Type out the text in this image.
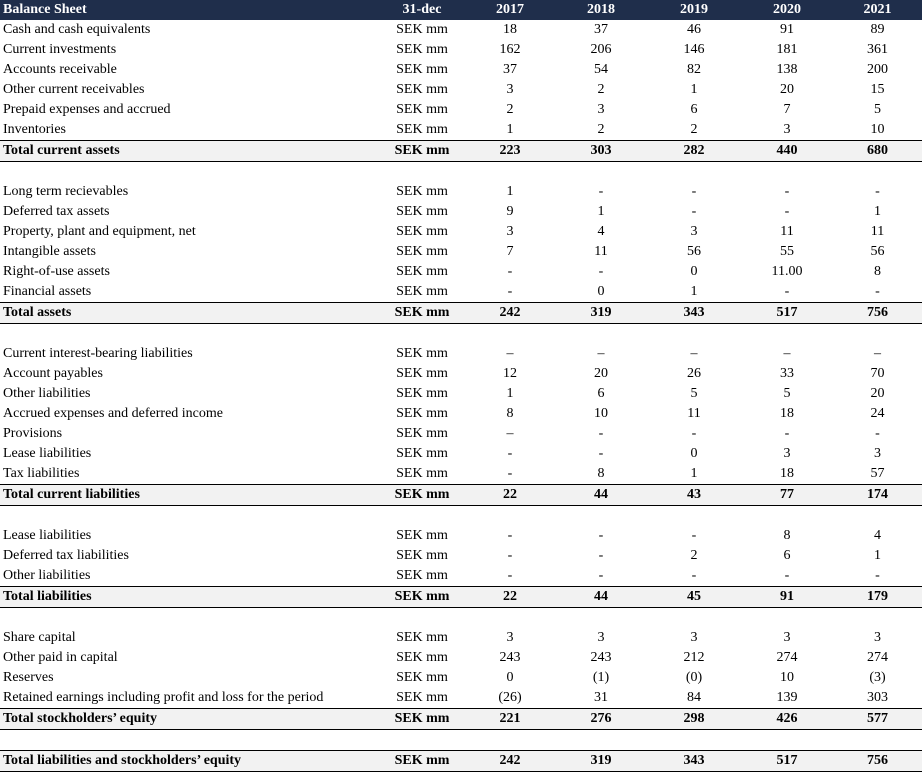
Balance Sheet	31-dec	2017	2018	2019	2020	2021
Cash and cash equivalents	SEK mm	18	37	46	91	89
Current investments	SEK mm	162	206	146	181	361
Accounts receivable	SEK mm	37	54	82	138	200
Other current receivables	SEK mm	3	2	1	20	15
Prepaid expenses and accrued	SEK mm	2	3	6	7	5
Inventories	SEK mm	1	2	2	3	10
Total current assets	SEK mm	223	303	282	440	680

Long term recievables	SEK mm	1	-	-	-	-
Deferred tax assets	SEK mm	9	1	-	-	1
Property, plant and equipment, net	SEK mm	3	4	3	11	11
Intangible assets	SEK mm	7	11	56	55	56
Right-of-use assets	SEK mm	-	-	0	11.00	8
Financial assets	SEK mm	-	0	1	-	-
Total assets	SEK mm	242	319	343	517	756

Current interest-bearing liabilities	SEK mm	–	–	–	–	–
Account payables	SEK mm	12	20	26	33	70
Other liabilities	SEK mm	1	6	5	5	20
Accrued expenses and deferred income	SEK mm	8	10	11	18	24
Provisions	SEK mm	–	-	-	-	-
Lease liabilities	SEK mm	-	-	0	3	3
Tax liabilities	SEK mm	-	8	1	18	57
Total current liabilities	SEK mm	22	44	43	77	174

Lease liabilities	SEK mm	-	-	-	8	4
Deferred tax liabilities	SEK mm	-	-	2	6	1
Other liabilities	SEK mm	-	-	-	-	-
Total liabilities	SEK mm	22	44	45	91	179

Share capital	SEK mm	3	3	3	3	3
Other paid in capital	SEK mm	243	243	212	274	274
Reserves	SEK mm	0	(1)	(0)	10	(3)
Retained earnings including profit and loss for the period	SEK mm	(26)	31	84	139	303
Total stockholders’ equity	SEK mm	221	276	298	426	577

Total liabilities and stockholders’ equity	SEK mm	242	319	343	517	756
